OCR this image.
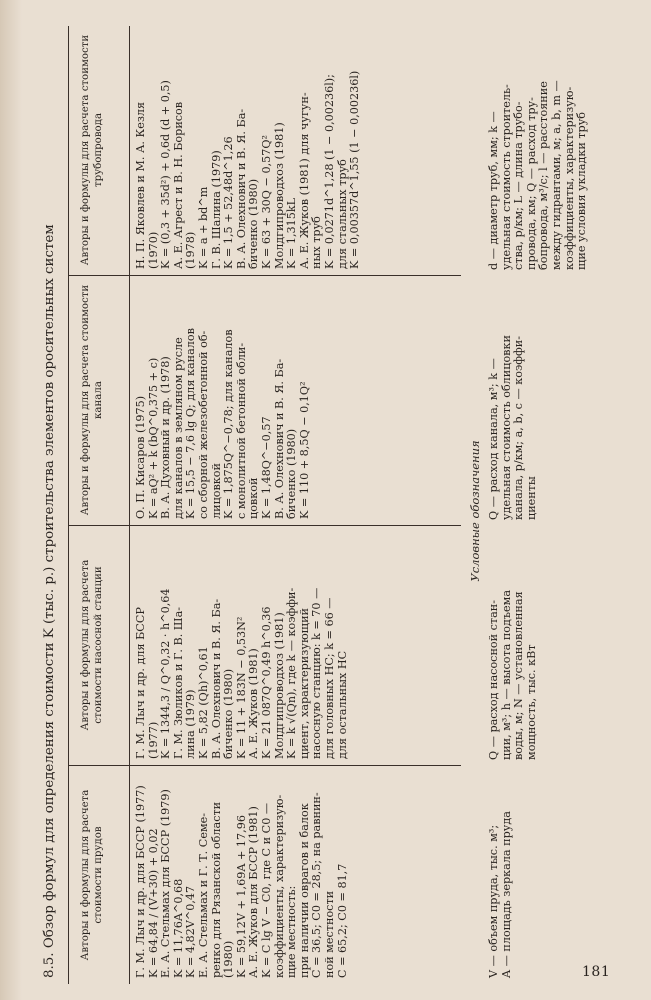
8.5. Обзор формул для определения стоимости K (тыс. р.) строительства элементов оросительных систем	Авторы и формулы для расчета стоимости прудов
Г. М. Лыч и др. для БССР (1977)
K = 64,84 / (V+30) + 0,02
Е. А. Стельмах для БССР (1979)
K = 11,76A^0,68
K = 4,82V^0,47
Е. А. Стельмах и Г. Т. Семе-
ренко для Рязанской области
(1980)
K = 59,12V + 1,69A + 17,96
А. Е. Жуков для БССР (1981)
K = C lg V − C0, где C и C0 —
коэффициенты, характеризую-
щие местность:
при наличии оврагов и балок
C = 36,5; C0 = 28,5; на равнин-
ной местности
C = 65,2; C0 = 81,7
Авторы и формулы для расчета стоимости насосной станции
Г. М. Лыч и др. для БССР
(1977)
K = 1344,3 / Q^0,32 · h^0,64
Г. М. Зюликов и Г. В. Ша-
лина (1979)
K = 5,82 (Qh)^0,61
В. А. Олехнович и В. Я. Ба-
биченко (1980)
K = 11 + 183N − 0,53N²
А. Е. Жуков (1981)
K = 21 087Q^0,49 h^0,36
Молдгипроводхоз (1981)
K = k √(Qn), где k — коэффи-
циент, характеризующий
насосную станцию: k = 70 —
для головных НС; k = 66 —
для остальных НС
Авторы и формулы для расчета стоимости канала
О. П. Кисаров (1975)
K = aQ² + k (bQ^0,375 + c)
В. А. Духовный и др. (1978)
для каналов в земляном русле
K = 15,5 − 7,6 lg Q; для каналов
со сборной железобетонной об-
лицовкой
K = 1,875Q^−0,78; для каналов
с монолитной бетонной обли-
цовкой
K = 1,48Q^−0,57
В. А. Олехнович и В. Я. Ба-
биченко (1980)
K = 110 + 8,5Q − 0,1Q²
Авторы и формулы для расчета стоимости трубопровода
Н. П. Яковлев и М. А. Кезля
(1970)
K = (0,3 + 35d²) + 0,6d (d + 0,5)
А. Е. Агрест и В. Н. Борисов
(1978)
K = a + bd^m
Г. В. Шалина (1979)
K = 1,5 + 52,48d^1,26
В. А. Олехнович и В. Я. Ба-
биченко (1980)
K = 63 + 30Q − 0,57Q²
Молдгипроводхоз (1981)
K = 1,315kL
А. Е. Жуков (1981) для чугун-
ных труб
K = 0,0271d^1,28 (1 − 0,00236l);
для стальных труб
K = 0,00357d^1,55 (1 − 0,00236l)
Условные обозначения
V — объем пруда, тыс. м³;
A — площадь зеркала пруда
Q — расход насосной стан-
ции, м³; h — высота подъема
воды, м; N — установленная
мощность, тыс. кВт
Q — расход канала, м³; k —
удельная стоимость облицовки
канала, р/км; a, b, c — коэффи-
циенты
d — диаметр труб, мм; k —
удельная стоимость строитель-
ства, р/км; L — длина трубо-
провода, км; Q — расход тру-
бопровода, м³/с; l — расстояние
между гидрантами, м; a, b, m —
коэффициенты, характеризую-
щие условия укладки труб
181
